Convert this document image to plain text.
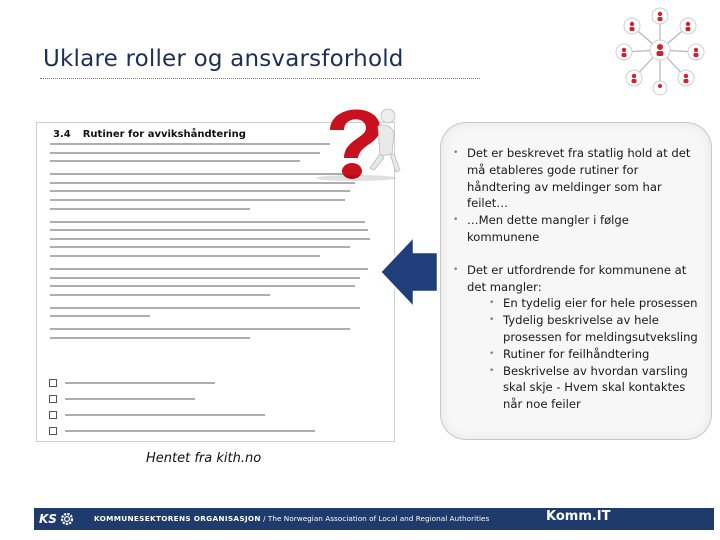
Uklare roller og ansvarsforhold
3.4 Rutiner for avvikshåndtering

• Det er beskrevet fra statlig hold at det må etableres gode rutiner for håndtering av meldinger som har feilet…

• …Men dette mangler i følge kommunene

• Det er utfordrende for kommunene at det mangler:

• En tydelig eier for hele prosessen

• Tydelig beskrivelse av hele prosessen for meldingsutveksling

• Rutiner for feilhåndtering

• Beskrivelse av hvordan varsling skal skje - Hvem skal kontaktes når noe feiler

Hentet fra kith.no
KS	KOMMUNESEKTORENS ORGANISASJON / The Norwegian Association of Local and Regional Authorities	Komm.IT
